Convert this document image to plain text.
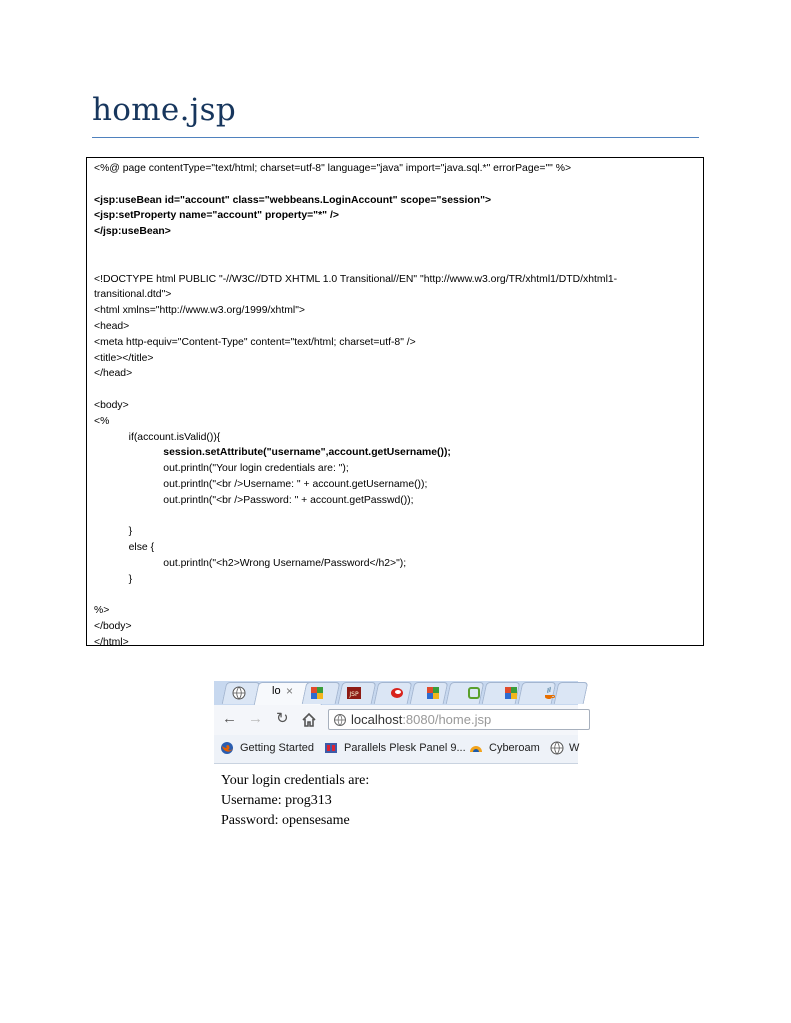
home.jsp
<%@ page contentType="text/html; charset=utf-8" language="java" import="java.sql.*" errorPage="" %>
<jsp:useBean id="account" class="webbeans.LoginAccount" scope="session">
<jsp:setProperty name="account" property="*" />
</jsp:useBean>
<!DOCTYPE html PUBLIC "-//W3C//DTD XHTML 1.0 Transitional//EN" "http://www.w3.org/TR/xhtml1/DTD/xhtml1-
transitional.dtd">
<html xmlns="http://www.w3.org/1999/xhtml">
<head>
<meta http-equiv="Content-Type" content="text/html; charset=utf-8" />
<title></title>
</head>
<body>
<%
if(account.isValid()){
session.setAttribute("username",account.getUsername());
out.println("Your login credentials are: ");
out.println("<br />Username: " + account.getUsername());
out.println("<br />Password: " + account.getPasswd());
}
else {
out.println("<h2>Wrong Username/Password</h2>");
}
%>
</body>
</html>
lo ×	JSP
← → ↻	localhost:8080/home.jsp
Getting Started	Parallels Plesk Panel 9... Cyberoam	W
Your login credentials are:
Username: prog313
Password: opensesame
